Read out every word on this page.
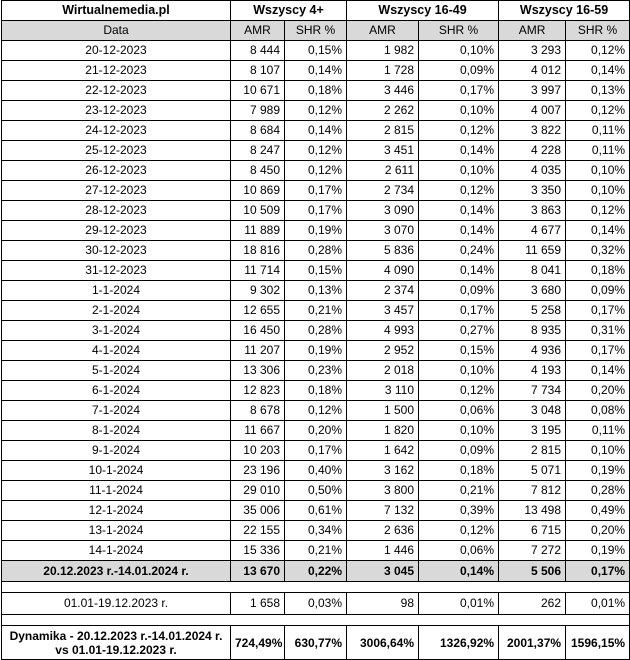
Wirtualnemedia.pl	Wszyscy 4+		Wszyscy 16-49		Wszyscy 16-59	
Data	AMR	SHR %	AMR	SHR %	AMR	SHR %
20-12-2023	8 444	0,15%	1 982	0,10%	3 293	0,12%
21-12-2023	8 107	0,14%	1 728	0,09%	4 012	0,14%
22-12-2023	10 671	0,18%	3 446	0,17%	3 997	0,13%
23-12-2023	7 989	0,12%	2 262	0,10%	4 007	0,12%
24-12-2023	8 684	0,14%	2 815	0,12%	3 822	0,11%
25-12-2023	8 247	0,12%	3 451	0,14%	4 228	0,11%
26-12-2023	8 450	0,12%	2 611	0,10%	4 035	0,10%
27-12-2023	10 869	0,17%	2 734	0,12%	3 350	0,10%
28-12-2023	10 509	0,17%	3 090	0,14%	3 863	0,12%
29-12-2023	11 889	0,19%	3 070	0,14%	4 677	0,14%
30-12-2023	18 816	0,28%	5 836	0,24%	11 659	0,32%
31-12-2023	11 714	0,15%	4 090	0,14%	8 041	0,18%
1-1-2024	9 302	0,13%	2 374	0,09%	3 680	0,09%
2-1-2024	12 655	0,21%	3 457	0,17%	5 258	0,17%
3-1-2024	16 450	0,28%	4 993	0,27%	8 935	0,31%
4-1-2024	11 207	0,19%	2 952	0,15%	4 936	0,17%
5-1-2024	13 306	0,23%	2 018	0,10%	4 193	0,14%
6-1-2024	12 823	0,18%	3 110	0,12%	7 734	0,20%
7-1-2024	8 678	0,12%	1 500	0,06%	3 048	0,08%
8-1-2024	11 667	0,20%	1 820	0,10%	3 195	0,11%
9-1-2024	10 203	0,17%	1 642	0,09%	2 815	0,10%
10-1-2024	23 196	0,40%	3 162	0,18%	5 071	0,19%
11-1-2024	29 010	0,50%	3 800	0,21%	7 812	0,28%
12-1-2024	35 006	0,61%	7 132	0,39%	13 498	0,49%
13-1-2024	22 155	0,34%	2 636	0,12%	6 715	0,20%
14-1-2024	15 336	0,21%	1 446	0,06%	7 272	0,19%
20.12.2023 r.-14.01.2024 r.	13 670	0,22%	3 045	0,14%	5 506	0,17%

01.01-19.12.2023 r.	1 658	0,03%	98	0,01%	262	0,01%

Dynamika - 20.12.2023 r.-14.01.2024 r.
vs 01.01-19.12.2023 r.	724,49%	630,77%	3006,64%	1326,92%	2001,37%	1596,15%
